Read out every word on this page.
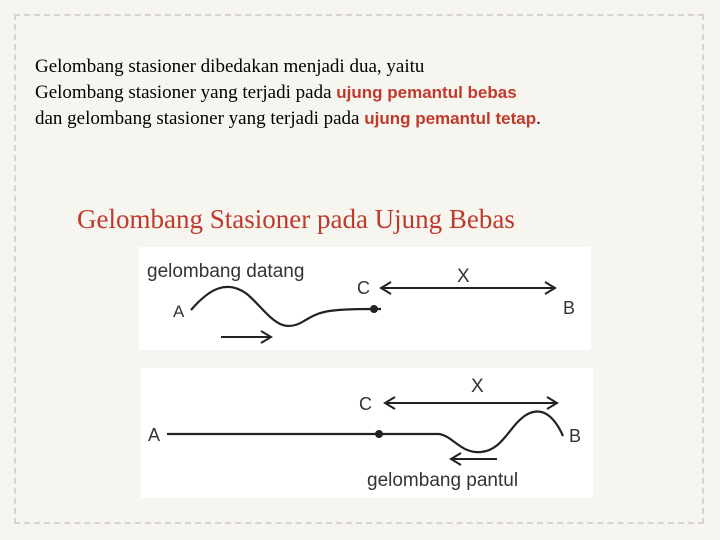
Gelombang stasioner dibedakan menjadi dua, yaitu
Gelombang stasioner yang terjadi pada ujung pemantul bebas
dan gelombang stasioner yang terjadi pada ujung pemantul tetap.
Gelombang Stasioner pada Ujung Bebas
gelombang datang
A
C
X
B
C
X
A	B
gelombang pantul
